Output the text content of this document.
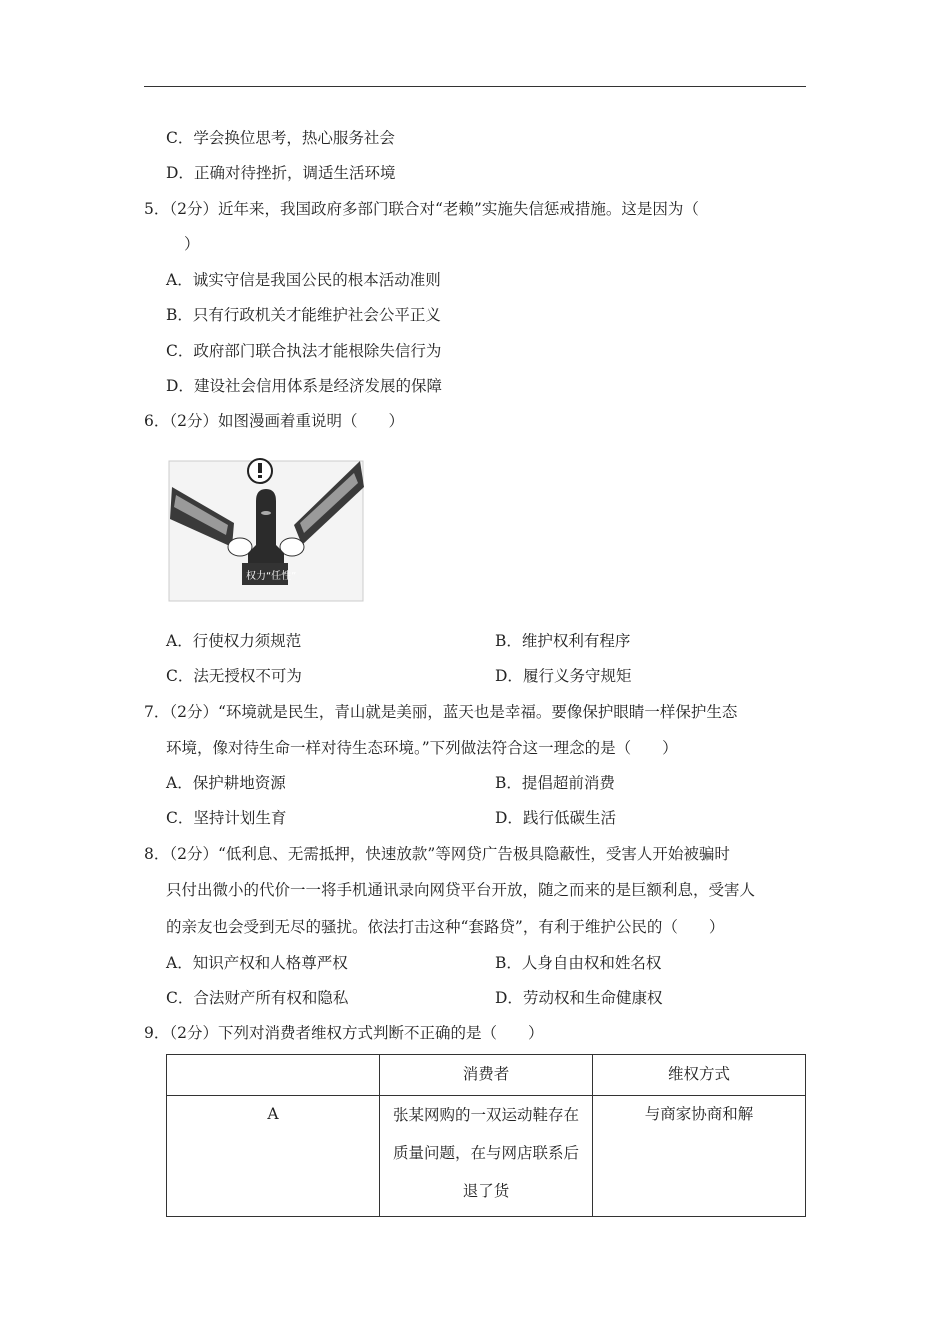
C．学会换位思考，热心服务社会
D．正确对待挫折，调适生活环境
5．（2分）近年来，我国政府多部门联合对“老赖”实施失信惩戒措施。这是因为（
）
A．诚实守信是我国公民的根本活动准则
B．只有行政机关才能维护社会公平正义
C．政府部门联合执法才能根除失信行为
D．建设社会信用体系是经济发展的保障
6．（2分）如图漫画着重说明（　　）
权力“任性”
A．行使权力须规范	B．维护权利有程序
C．法无授权不可为	D．履行义务守规矩
7．（2分）“环境就是民生，青山就是美丽，蓝天也是幸福。要像保护眼睛一样保护生态
环境，像对待生命一样对待生态环境。”下列做法符合这一理念的是（　　）
A．保护耕地资源	B．提倡超前消费
C．坚持计划生育	D．践行低碳生活
8．（2分）“低利息、无需抵押，快速放款”等网贷广告极具隐蔽性，受害人开始被骗时
只付出微小的代价一一将手机通讯录向网贷平台开放，随之而来的是巨额利息，受害人
的亲友也会受到无尽的骚扰。依法打击这种“套路贷”，有利于维护公民的（　　）
A．知识产权和人格尊严权	B．人身自由权和姓名权
C．合法财产所有权和隐私	D．劳动权和生命健康权
9．（2分）下列对消费者维权方式判断不正确的是（　　）
	消费者	维权方式
A	张某网购的一双运动鞋存在
质量问题，在与网店联系后
退了货	与商家协商和解
